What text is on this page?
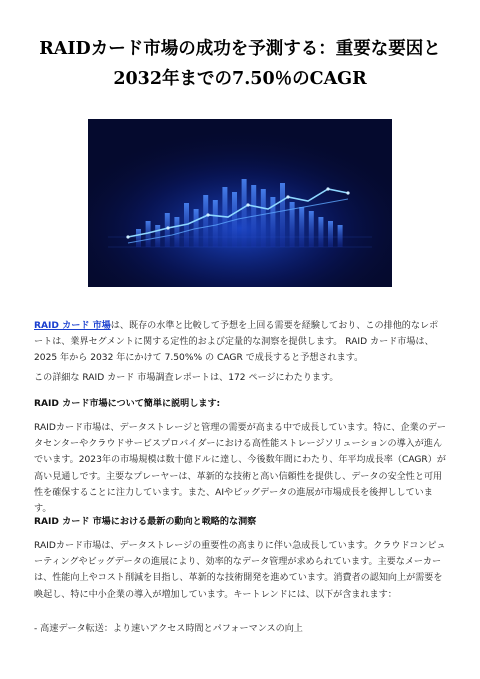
RAIDカード市場の成功を予測する：重要な要因と2032年までの7.50％のCAGR

RAID カード 市場は、既存の水準と比較して予想を上回る需要を経験しており、この排他的なレポートは、業界セグメントに関する定性的および定量的な洞察を提供します。 RAID カード市場は、2025 年から 2032 年にかけて 7.50%% の CAGR で成長すると予想されます。

この詳細な RAID カード 市場調査レポートは、172 ページにわたります。

RAID カード市場について簡単に説明します:

RAIDカード市場は、データストレージと管理の需要が高まる中で成長しています。特に、企業のデータセンターやクラウドサービスプロバイダーにおける高性能ストレージソリューションの導入が進んでいます。2023年の市場規模は数十億ドルに達し、今後数年間にわたり、年平均成長率（CAGR）が高い見通しです。主要なプレーヤーは、革新的な技術と高い信頼性を提供し、データの安全性と可用性を確保することに注力しています。また、AIやビッグデータの進展が市場成長を後押ししています。

RAID カード 市場における最新の動向と戦略的な洞察

RAIDカード市場は、データストレージの重要性の高まりに伴い急成長しています。クラウドコンピューティングやビッグデータの進展により、効率的なデータ管理が求められています。主要なメーカーは、性能向上やコスト削減を目指し、革新的な技術開発を進めています。消費者の認知向上が需要を喚起し、特に中小企業の導入が増加しています。キートレンドには、以下が含まれます：

- 高速データ転送：より速いアクセス時間とパフォーマンスの向上
